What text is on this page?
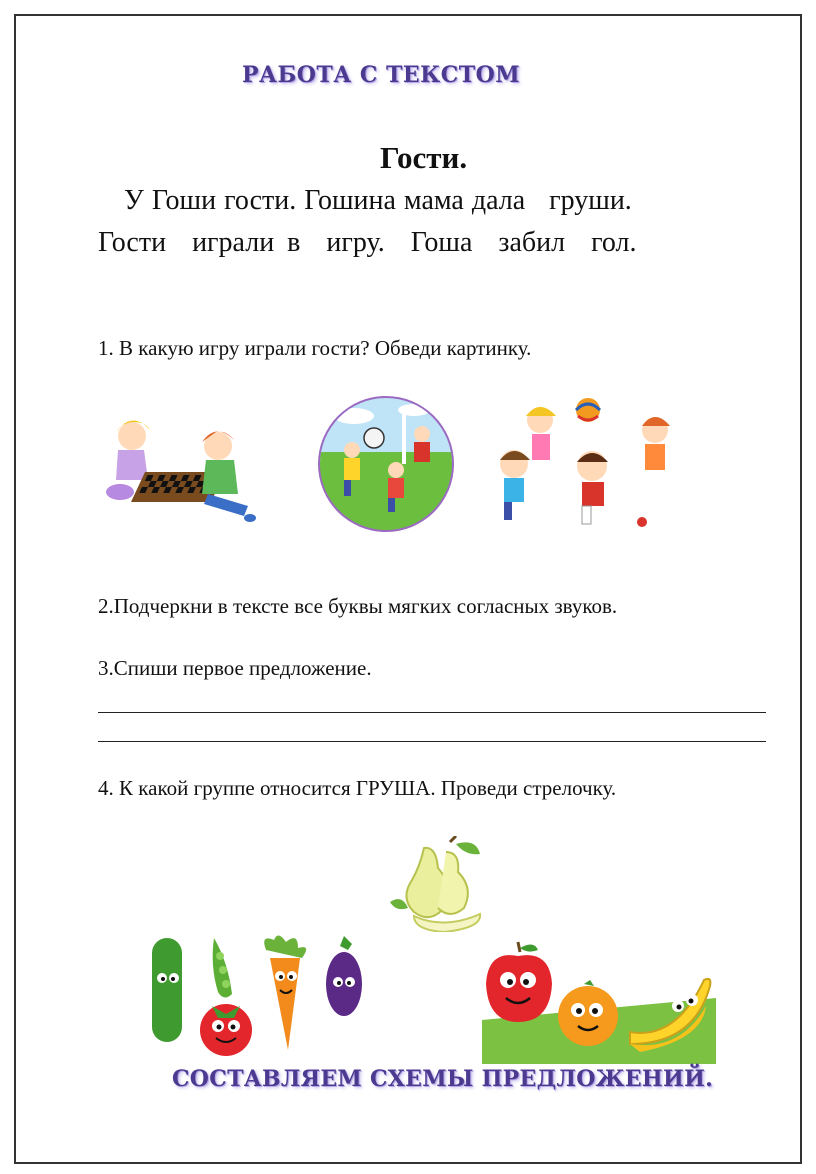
РАБОТА С ТЕКСТОМ
Гости.
У Гоши гости. Гошина мама дала   груши.
Гости  играли в  игру.  Гоша  забил  гол.
1. В какую игру играли гости? Обведи картинку.
2.Подчеркни в тексте все буквы мягких согласных звуков.
3.Спиши первое предложение.
4. К какой группе относится ГРУША. Проведи стрелочку.
СОСТАВЛЯЕМ СХЕМЫ ПРЕДЛОЖЕНИЙ.
